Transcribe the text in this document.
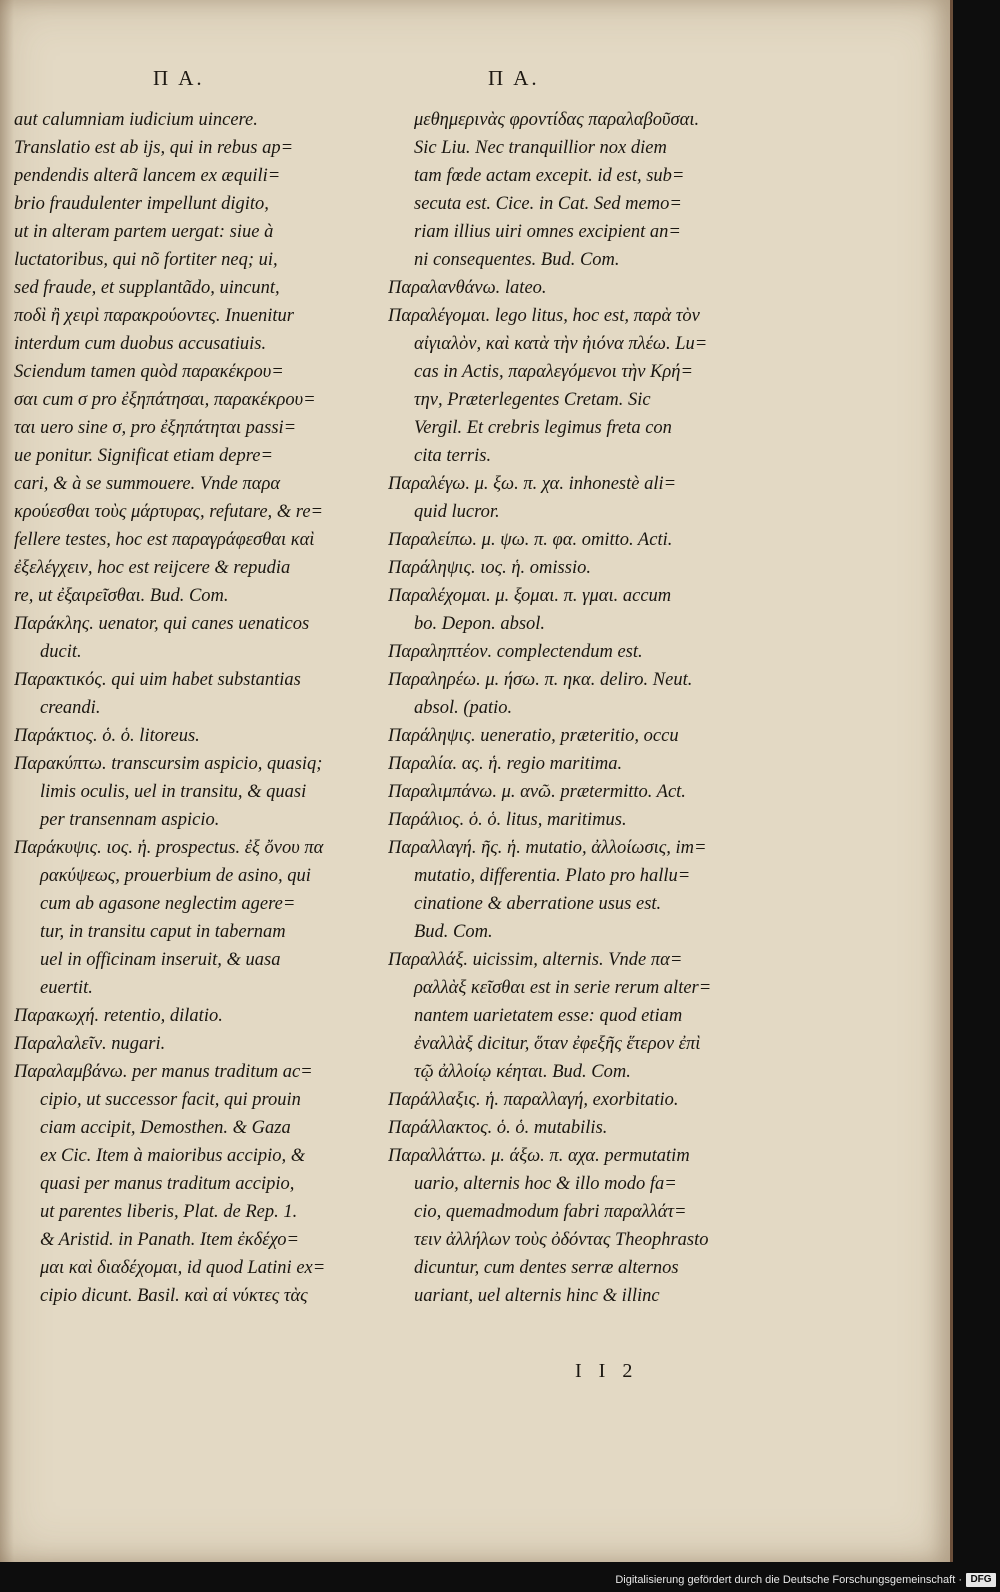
Π Α.	Π Α.
aut calumniam iudicium uincere.
Translatio est ab ijs, qui in rebus ap=
pendendis alterã lancem ex æquili=
brio fraudulenter impellunt digito,
ut in alteram partem uergat: siue à
luctatoribus, qui nõ fortiter neq; ui,
sed fraude, et supplantãdo, uincunt,
ποδὶ ἢ χειρὶ παρακρούοντες. Inuenitur
interdum cum duobus accusatiuis.
Sciendum tamen quòd παρακέκρου=
σαι cum σ pro ἐξηπάτησαι, παρακέκρου=
ται uero sine σ, pro ἐξηπάτηται passi=
ue ponitur. Significat etiam depre=
cari, & à se summouere. Vnde παρα
κρούεσθαι τοὺς μάρτυρας, refutare, & re=
fellere testes, hoc est παραγράφεσθαι καὶ
ἐξελέγχειν, hoc est reijcere & repudia
re, ut ἐξαιρεῖσθαι. Bud. Com.
Παράκλης. uenator, qui canes uenaticos
ducit.
Παρακτικός. qui uim habet substantias
creandi.
Παράκτιος. ὁ. ὁ. litoreus.
Παρακύπτω. transcursim aspicio, quasiq;
limis oculis, uel in transitu, & quasi
per transennam aspicio.
Παράκυψις. ιος. ἡ. prospectus. ἐξ ὄνου πα
ρακύψεως, prouerbium de asino, qui
cum ab agasone neglectim agere=
tur, in transitu caput in tabernam
uel in officinam inseruit, & uasa
euertit.
Παρακωχή. retentio, dilatio.
Παραλαλεῖν. nugari.
Παραλαμβάνω. per manus traditum ac=
cipio, ut successor facit, qui prouin
ciam accipit, Demosthen. & Gaza
ex Cic. Item à maioribus accipio, &
quasi per manus traditum accipio,
ut parentes liberis, Plat. de Rep. 1.
& Aristid. in Panath. Item ἐκδέχο=
μαι καὶ διαδέχομαι, id quod Latini ex=
cipio dicunt. Basil. καὶ αἱ νύκτες τὰς
μεθημερινὰς φροντίδας παραλαβοῦσαι.
Sic Liu. Nec tranquillior nox diem
tam fœde actam excepit. id est, sub=
secuta est. Cice. in Cat. Sed memo=
riam illius uiri omnes excipient an=
ni consequentes. Bud. Com.
Παραλανθάνω. lateo.
Παραλέγομαι. lego litus, hoc est, παρὰ τὸν
αἰγιαλὸν, καὶ κατὰ τὴν ἠιόνα πλέω. Lu=
cas in Actis, παραλεγόμενοι τὴν Κρή=
την, Prӕterlegentes Cretam. Sic
Vergil. Et crebris legimus freta con
cita terris.
Παραλέγω. μ. ξω. π. χα. inhonestè ali=
quid lucror.
Παραλείπω. μ. ψω. π. φα. omitto. Acti.
Παράληψις. ιος. ἡ. omissio.
Παραλέχομαι. μ. ξομαι. π. γμαι. accum
bo. Depon. absol.
Παραληπτέον. complectendum est.
Παραληρέω. μ. ήσω. π. ηκα. deliro. Neut.
absol. (patio.
Παράληψις. ueneratio, prӕteritio, occu
Παραλία. ας. ἡ. regio maritima.
Παραλιμπάνω. μ. ανῶ. prӕtermitto. Act.
Παράλιος. ὁ. ὁ. litus, maritimus.
Παραλλαγή. ῆς. ἡ. mutatio, ἀλλοίωσις, im=
mutatio, differentia. Plato pro hallu=
cinatione & aberratione usus est.
Bud. Com.
Παραλλάξ. uicissim, alternis. Vnde πα=
ραλλὰξ κεῖσθαι est in serie rerum alter=
nantem uarietatem esse: quod etiam
ἐναλλὰξ dicitur, ὅταν ἐφεξῆς ἕτερον ἐπὶ
τῷ ἀλλοίῳ κέηται. Bud. Com.
Παράλλαξις. ἡ. παραλλαγή, exorbitatio.
Παράλλακτος. ὁ. ὁ. mutabilis.
Παραλλάττω. μ. άξω. π. αχα. permutatim
uario, alternis hoc & illo modo fa=
cio, quemadmodum fabri παραλλάτ=
τειν ἀλλήλων τοὺς ὀδόντας Theophrasto
dicuntur, cum dentes serrӕ alternos
uariant, uel alternis hinc & illinc
I I 2
Digitalisierung gefördert durch die Deutsche Forschungsgemeinschaft · DFG
